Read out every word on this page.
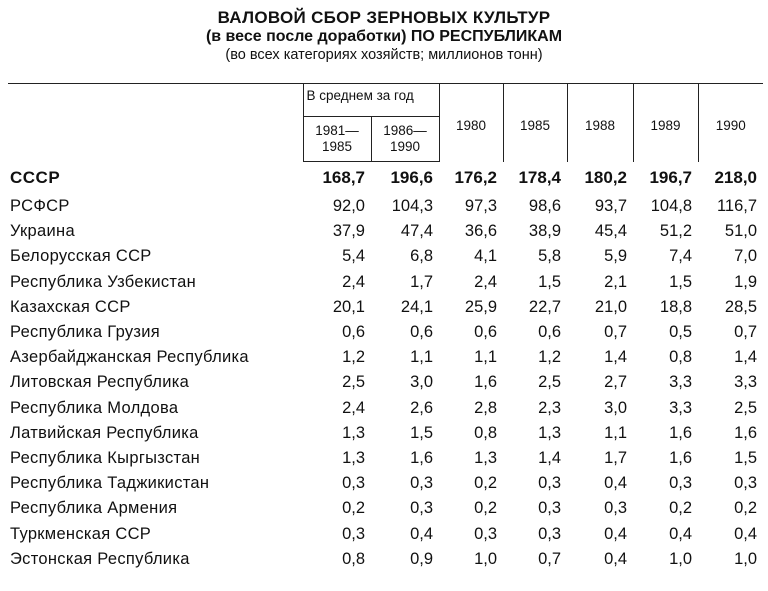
ВАЛОВОЙ СБОР ЗЕРНОВЫХ КУЛЬТУР
(в весе после доработки) ПО РЕСПУБЛИКАМ
(во всех категориях хозяйств; миллионов тонн)
	В среднем за год		1980	1985	1988	1989	1990
	1981—
1985	1986—
1990					
СССР	168,7	196,6	176,2	178,4	180,2	196,7	218,0
РСФСР	92,0	104,3	97,3	98,6	93,7	104,8	116,7
Украина	37,9	47,4	36,6	38,9	45,4	51,2	51,0
Белорусская ССР	5,4	6,8	4,1	5,8	5,9	7,4	7,0
Республика Узбекистан	2,4	1,7	2,4	1,5	2,1	1,5	1,9
Казахская ССР	20,1	24,1	25,9	22,7	21,0	18,8	28,5
Республика Грузия	0,6	0,6	0,6	0,6	0,7	0,5	0,7
Азербайджанская Республика	1,2	1,1	1,1	1,2	1,4	0,8	1,4
Литовская Республика	2,5	3,0	1,6	2,5	2,7	3,3	3,3
Республика Молдова	2,4	2,6	2,8	2,3	3,0	3,3	2,5
Латвийская Республика	1,3	1,5	0,8	1,3	1,1	1,6	1,6
Республика Кыргызстан	1,3	1,6	1,3	1,4	1,7	1,6	1,5
Республика Таджикистан	0,3	0,3	0,2	0,3	0,4	0,3	0,3
Республика Армения	0,2	0,3	0,2	0,3	0,3	0,2	0,2
Туркменская ССР	0,3	0,4	0,3	0,3	0,4	0,4	0,4
Эстонская Республика	0,8	0,9	1,0	0,7	0,4	1,0	1,0
